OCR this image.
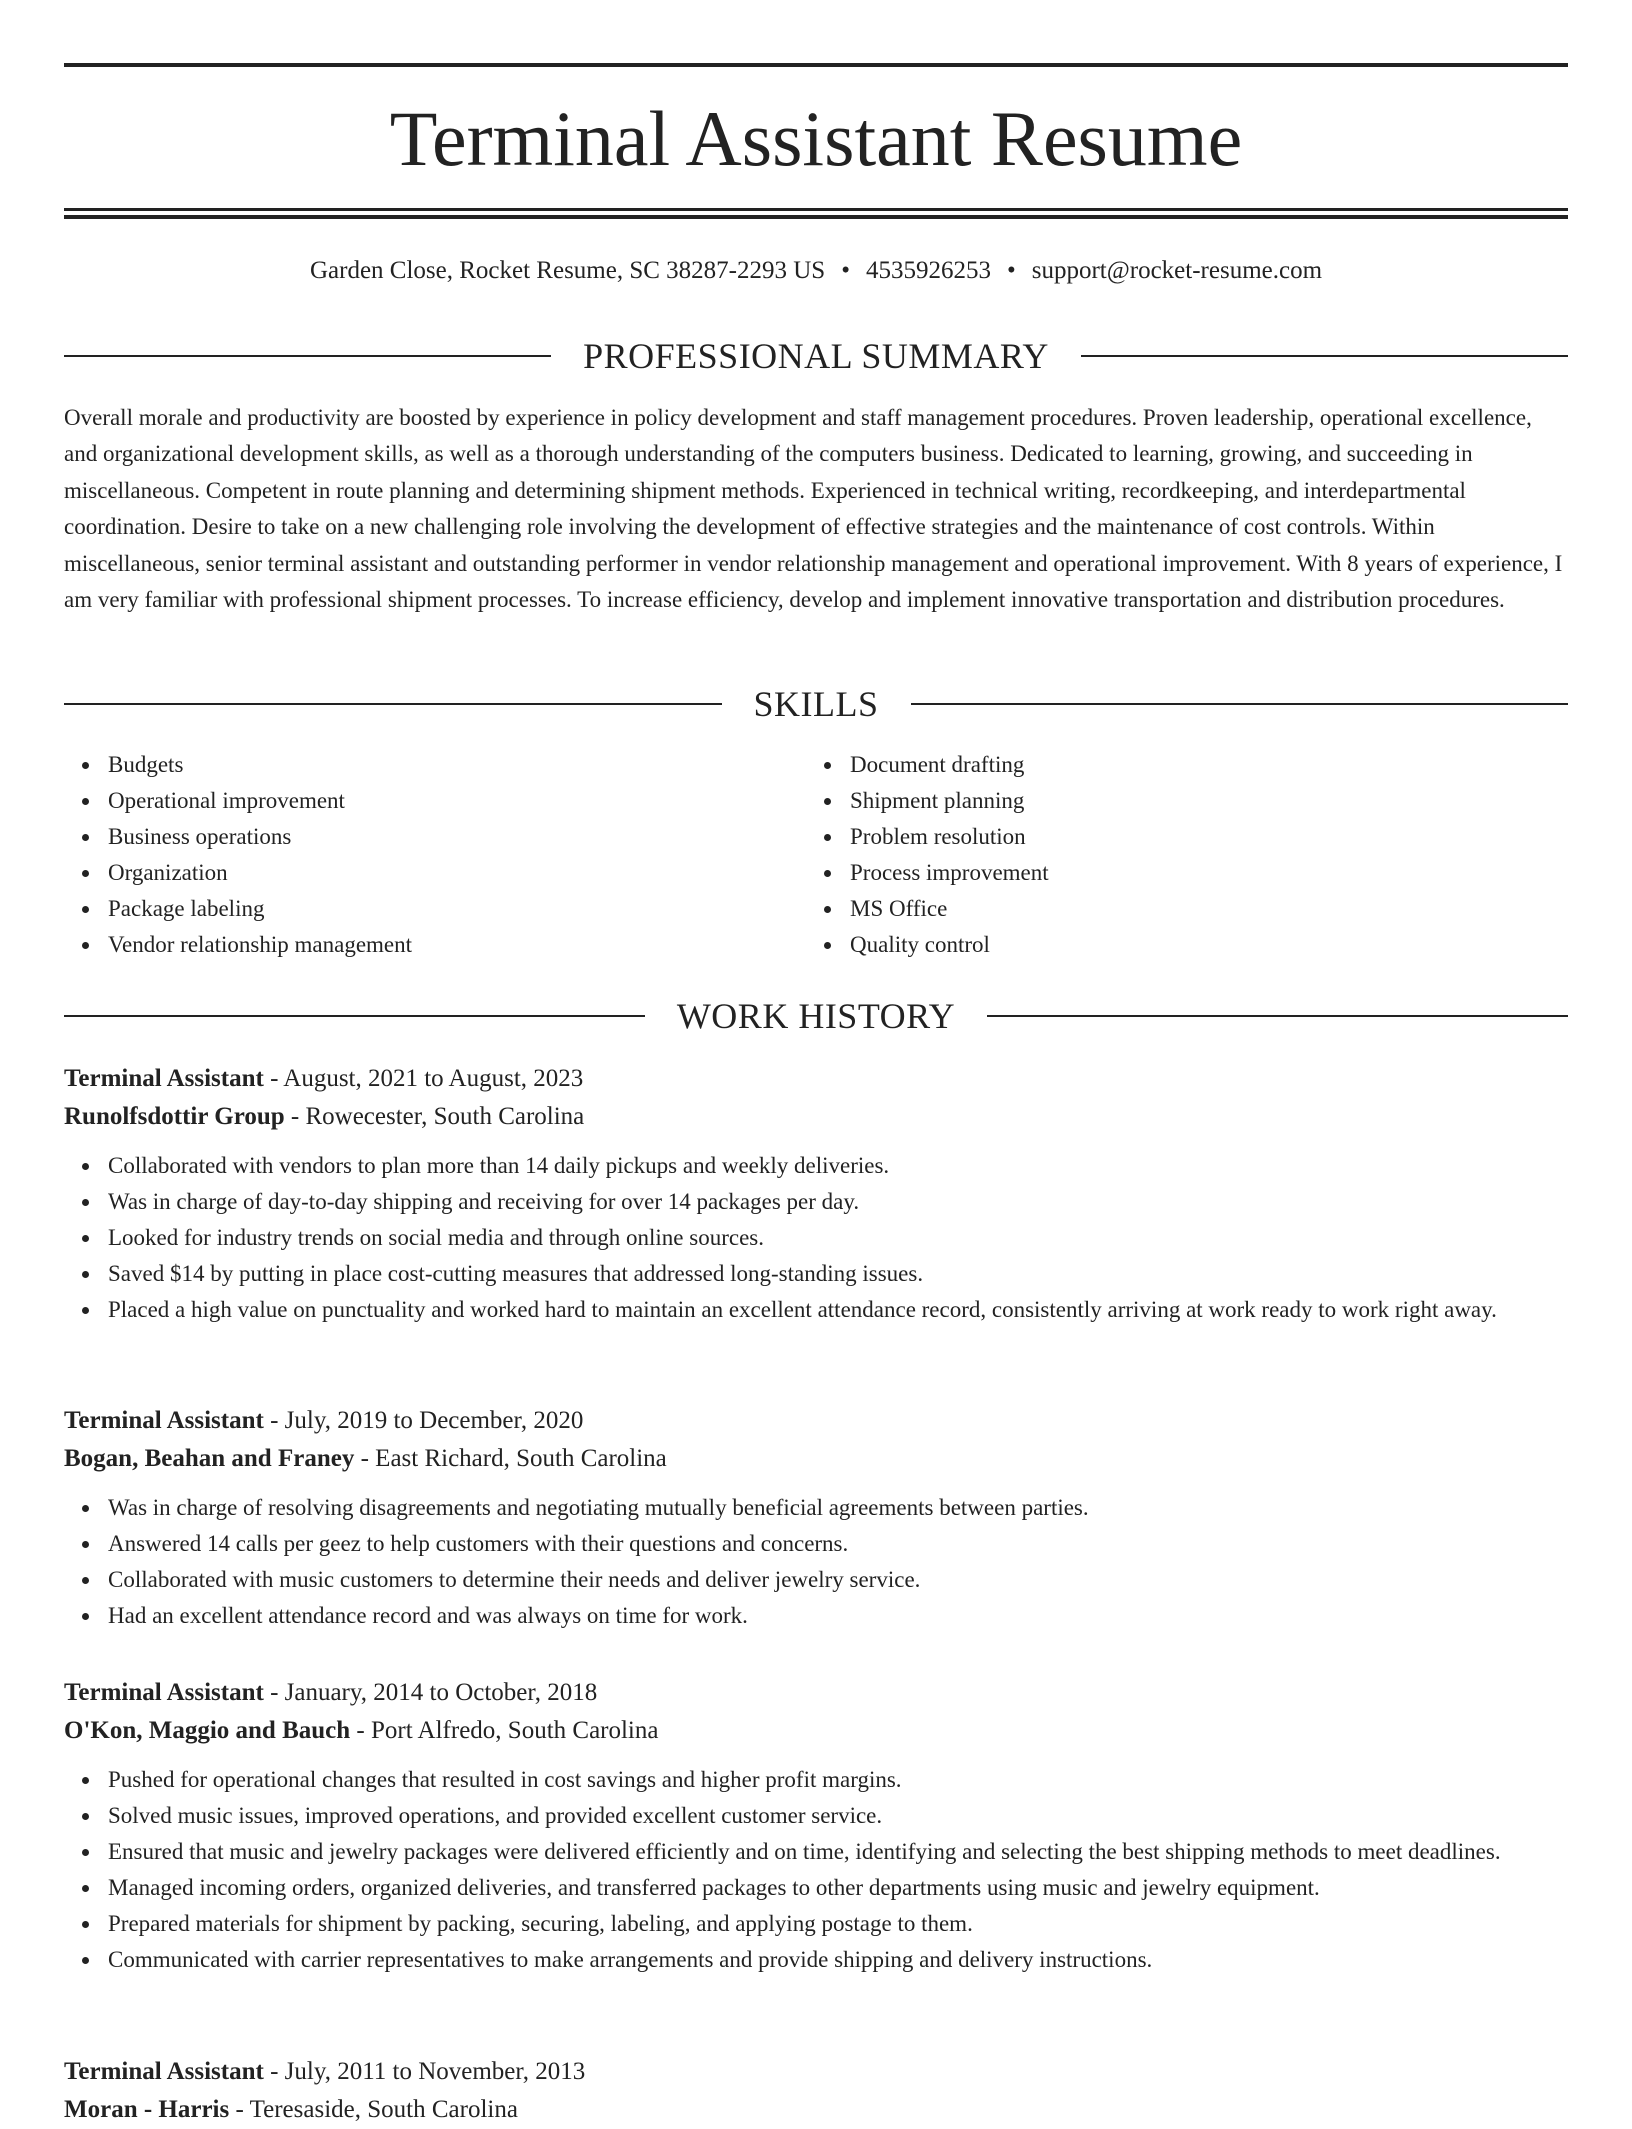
Terminal Assistant Resume
Garden Close, Rocket Resume, SC 38287-2293 US • 4535926253 • support@rocket-resume.com
PROFESSIONAL SUMMARY

Overall morale and productivity are boosted by experience in policy development and staff management procedures. Proven leadership, operational excellence, and organizational development skills, as well as a thorough understanding of the computers business. Dedicated to learning, growing, and succeeding in miscellaneous. Competent in route planning and determining shipment methods. Experienced in technical writing, recordkeeping, and interdepartmental coordination. Desire to take on a new challenging role involving the development of effective strategies and the maintenance of cost controls. Within miscellaneous, senior terminal assistant and outstanding performer in vendor relationship management and operational improvement. With 8 years of experience, I am very familiar with professional shipment processes. To increase efficiency, develop and implement innovative transportation and distribution procedures.

SKILLS
Budgets
Operational improvement
Business operations
Organization
Package labeling
Vendor relationship management
Document drafting
Shipment planning
Problem resolution
Process improvement
MS Office
Quality control
WORK HISTORY
Terminal Assistant - August, 2021 to August, 2023
Runolfsdottir Group - Rowecester, South Carolina
Collaborated with vendors to plan more than 14 daily pickups and weekly deliveries.
Was in charge of day-to-day shipping and receiving for over 14 packages per day.
Looked for industry trends on social media and through online sources.
Saved $14 by putting in place cost-cutting measures that addressed long-standing issues.
Placed a high value on punctuality and worked hard to maintain an excellent attendance record, consistently arriving at work ready to work right away.
Terminal Assistant - July, 2019 to December, 2020
Bogan, Beahan and Franey - East Richard, South Carolina
Was in charge of resolving disagreements and negotiating mutually beneficial agreements between parties.
Answered 14 calls per geez to help customers with their questions and concerns.
Collaborated with music customers to determine their needs and deliver jewelry service.
Had an excellent attendance record and was always on time for work.
Terminal Assistant - January, 2014 to October, 2018
O'Kon, Maggio and Bauch - Port Alfredo, South Carolina
Pushed for operational changes that resulted in cost savings and higher profit margins.
Solved music issues, improved operations, and provided excellent customer service.
Ensured that music and jewelry packages were delivered efficiently and on time, identifying and selecting the best shipping methods to meet deadlines.
Managed incoming orders, organized deliveries, and transferred packages to other departments using music and jewelry equipment.
Prepared materials for shipment by packing, securing, labeling, and applying postage to them.
Communicated with carrier representatives to make arrangements and provide shipping and delivery instructions.
Terminal Assistant - July, 2011 to November, 2013
Moran - Harris - Teresaside, South Carolina
